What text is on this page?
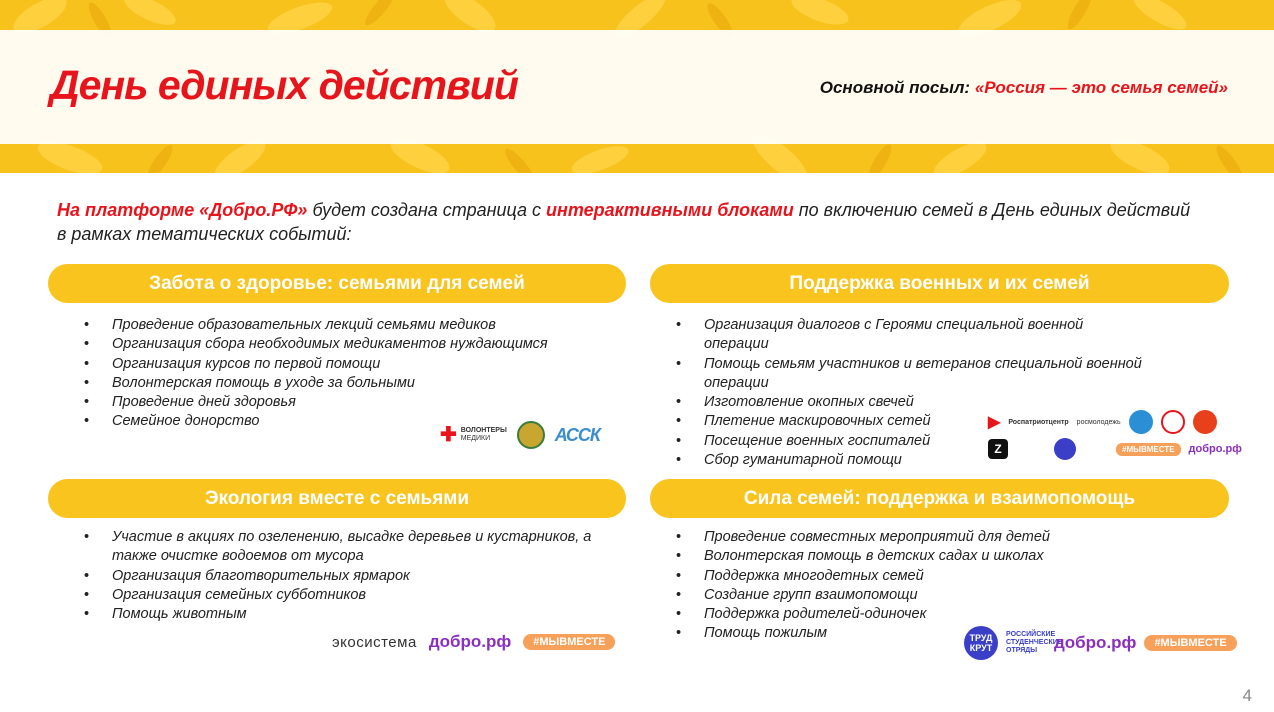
День единых действий	Основной посыл: «Россия — это семья семей»
На платформе «Добро.РФ» будет создана страница с интерактивными блоками по включению семей в День единых действий в рамках тематических событий:
Забота о здоровье: семьями для семей
• Проведение образовательных лекций семьями медиков
• Организация сбора необходимых медикаментов нуждающимся
• Организация курсов по первой помощи
• Волонтерская помощь в уходе за больными
• Проведение дней здоровья
• Семейное донорство
✚ ВОЛОНТЕРЫ
МЕДИКИ	АССК
Поддержка военных и их семей
• Организация диалогов с Героями специальной военной операции
• Помощь семьям участников и ветеранов специальной военной операции
• Изготовление окопных свечей
• Плетение маскировочных сетей
• Посещение военных госпиталей
• Сбор гуманитарной помощи
▶ Роспатриотцентр росмолодежь
Z	#МЫВМЕСТЕ	добро.рф
Экология вместе с семьями
• Участие в акциях по озеленению, высадке деревьев и кустарников, а также очистке водоемов от мусора
• Организация благотворительных ярмарок
• Организация семейных субботников
• Помощь животным
экосистема добро.рф	#МЫВМЕСТЕ
Сила семей: поддержка и взаимопомощь
• Проведение совместных мероприятий для детей
• Волонтерская помощь в детских садах и школах
• Поддержка многодетных семей
• Создание групп взаимопомощи
• Поддержка родителей-одиночек
• Помощь пожилым	ТРУД КРУТ
РОССИЙСКИЕ СТУДЕНЧЕСКИЕ ОТРЯДЫ добро.рф	#МЫВМЕСТЕ
4
